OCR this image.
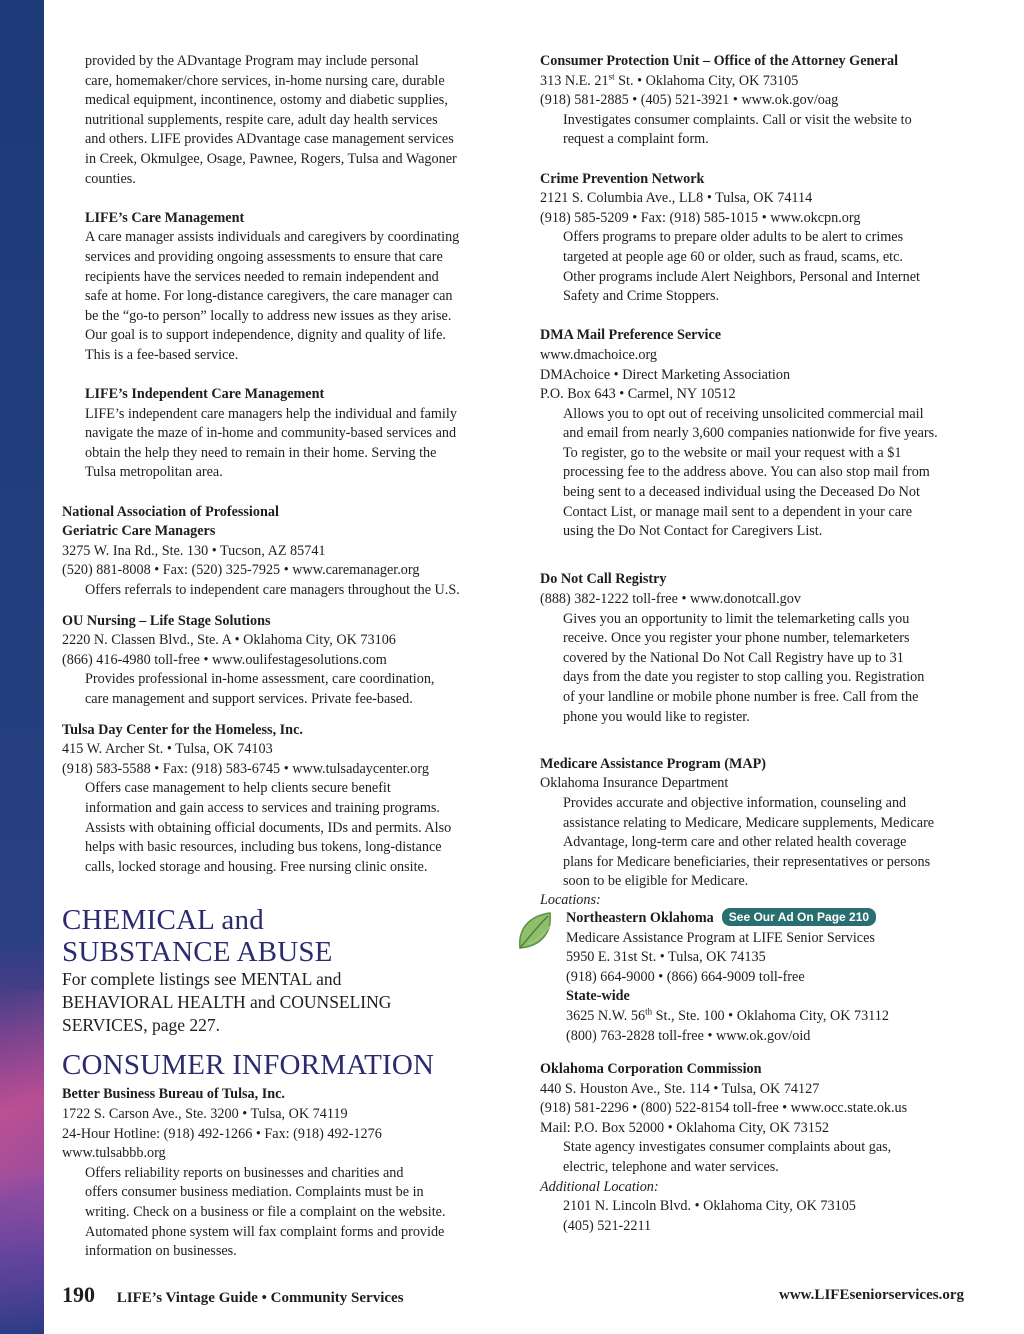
provided by the ADvantage Program may include personal
care, homemaker/chore services, in-home nursing care, durable
medical equipment, incontinence, ostomy and diabetic supplies,
nutritional supplements, respite care, adult day health services
and others. LIFE provides ADvantage case management services
in Creek, Okmulgee, Osage, Pawnee, Rogers, Tulsa and Wagoner
counties.
LIFE’s Care Management
A care manager assists individuals and caregivers by coordinating
services and providing ongoing assessments to ensure that care
recipients have the services needed to remain independent and
safe at home. For long-distance caregivers, the care manager can
be the “go-to person” locally to address new issues as they arise.
Our goal is to support independence, dignity and quality of life.
This is a fee-based service.
LIFE’s Independent Care Management
LIFE’s independent care managers help the individual and family
navigate the maze of in-home and community-based services and
obtain the help they need to remain in their home. Serving the
Tulsa metropolitan area.
National Association of Professional
Geriatric Care Managers
3275 W. Ina Rd., Ste. 130 • Tucson, AZ 85741
(520) 881-8008 • Fax: (520) 325-7925 • www.caremanager.org
Offers referrals to independent care managers throughout the U.S.
OU Nursing – Life Stage Solutions
2220 N. Classen Blvd., Ste. A • Oklahoma City, OK 73106
(866) 416-4980 toll-free • www.oulifestagesolutions.com
Provides professional in-home assessment, care coordination,
care management and support services. Private fee-based.
Tulsa Day Center for the Homeless, Inc.
415 W. Archer St. • Tulsa, OK 74103
(918) 583-5588 • Fax: (918) 583-6745 • www.tulsadaycenter.org
Offers case management to help clients secure benefit
information and gain access to services and training programs.
Assists with obtaining official documents, IDs and permits. Also
helps with basic resources, including bus tokens, long-distance
calls, locked storage and housing. Free nursing clinic onsite.
CHEMICAL and
SUBSTANCE ABUSE
For complete listings see MENTAL and
BEHAVIORAL HEALTH and COUNSELING
SERVICES, page 227.
CONSUMER INFORMATION
Better Business Bureau of Tulsa, Inc.
1722 S. Carson Ave., Ste. 3200 • Tulsa, OK 74119
24-Hour Hotline: (918) 492-1266 • Fax: (918) 492-1276
www.tulsabbb.org
Offers reliability reports on businesses and charities and
offers consumer business mediation. Complaints must be in
writing. Check on a business or file a complaint on the website.
Automated phone system will fax complaint forms and provide
information on businesses.
Consumer Protection Unit – Office of the Attorney General
313 N.E. 21st St. • Oklahoma City, OK 73105
(918) 581-2885 • (405) 521-3921 • www.ok.gov/oag
Investigates consumer complaints. Call or visit the website to
request a complaint form.
Crime Prevention Network
2121 S. Columbia Ave., LL8 • Tulsa, OK 74114
(918) 585-5209 • Fax: (918) 585-1015 • www.okcpn.org
Offers programs to prepare older adults to be alert to crimes
targeted at people age 60 or older, such as fraud, scams, etc.
Other programs include Alert Neighbors, Personal and Internet
Safety and Crime Stoppers.
DMA Mail Preference Service
www.dmachoice.org
DMAchoice • Direct Marketing Association
P.O. Box 643 • Carmel, NY 10512
Allows you to opt out of receiving unsolicited commercial mail
and email from nearly 3,600 companies nationwide for five years.
To register, go to the website or mail your request with a $1
processing fee to the address above. You can also stop mail from
being sent to a deceased individual using the Deceased Do Not
Contact List, or manage mail sent to a dependent in your care
using the Do Not Contact for Caregivers List.
Do Not Call Registry
(888) 382-1222 toll-free • www.donotcall.gov
Gives you an opportunity to limit the telemarketing calls you
receive. Once you register your phone number, telemarketers
covered by the National Do Not Call Registry have up to 31
days from the date you register to stop calling you. Registration
of your landline or mobile phone number is free. Call from the
phone you would like to register.
Medicare Assistance Program (MAP)
Oklahoma Insurance Department
Provides accurate and objective information, counseling and
assistance relating to Medicare, Medicare supplements, Medicare
Advantage, long-term care and other related health coverage
plans for Medicare beneficiaries, their representatives or persons
soon to be eligible for Medicare.
Locations:
Northeastern Oklahoma See Our Ad On Page 210
Medicare Assistance Program at LIFE Senior Services
5950 E. 31st St. • Tulsa, OK 74135
(918) 664-9000 • (866) 664-9009 toll-free
State-wide
3625 N.W. 56th St., Ste. 100 • Oklahoma City, OK 73112
(800) 763-2828 toll-free • www.ok.gov/oid
Oklahoma Corporation Commission
440 S. Houston Ave., Ste. 114 • Tulsa, OK 74127
(918) 581-2296 • (800) 522-8154 toll-free • www.occ.state.ok.us
Mail: P.O. Box 52000 • Oklahoma City, OK 73152
State agency investigates consumer complaints about gas,
electric, telephone and water services.
Additional Location:
2101 N. Lincoln Blvd. • Oklahoma City, OK 73105
(405) 521-2211
190 LIFE’s Vintage Guide • Community Services	www.LIFEseniorservices.org
